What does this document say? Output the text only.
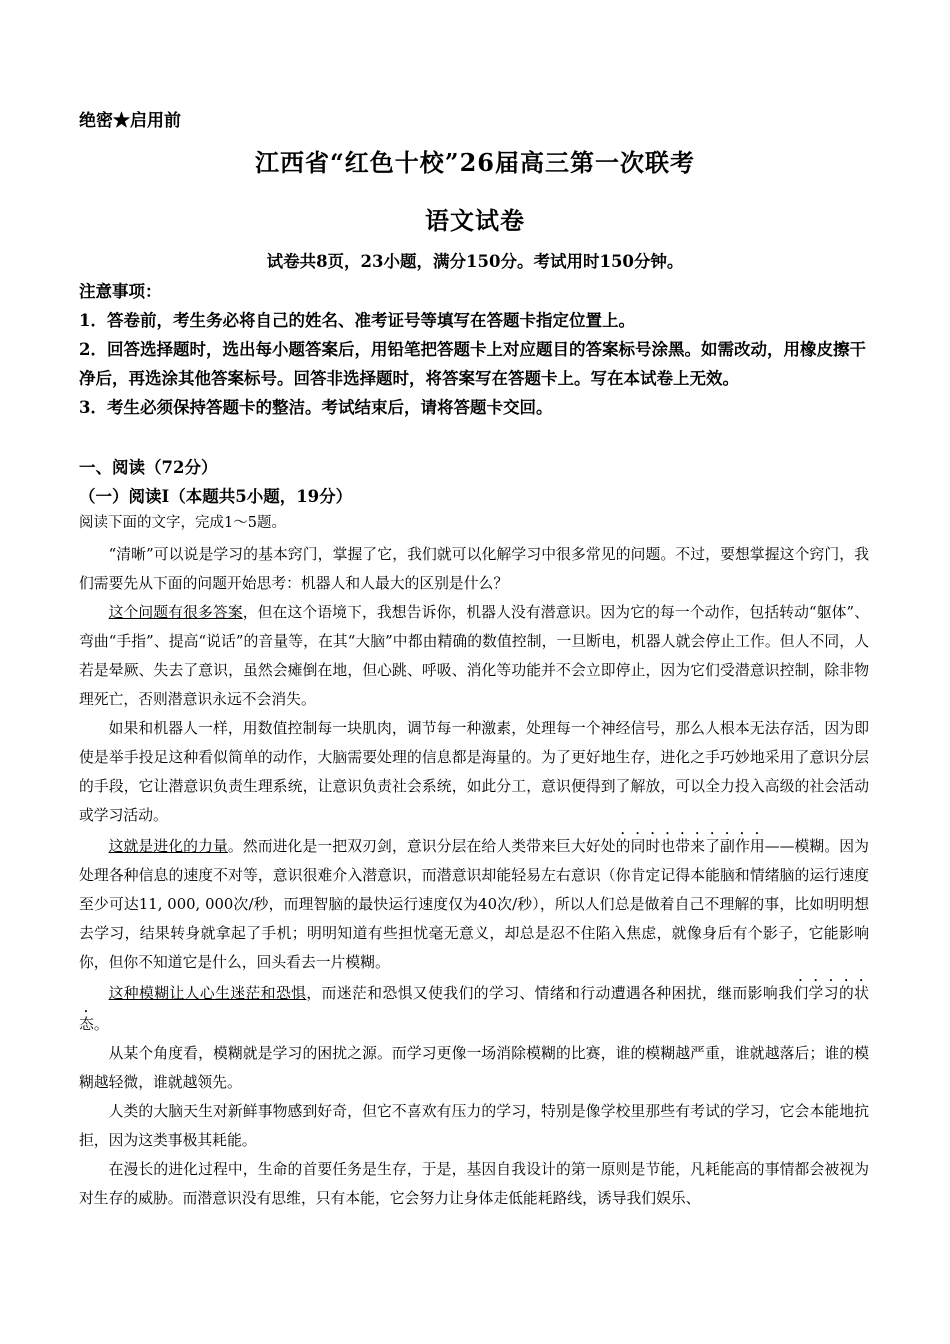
绝密★启用前
江西省“红色十校”26届高三第一次联考
语文试卷
试卷共8页，23小题，满分150分。考试用时150分钟。

注意事项：

1．答卷前，考生务必将自己的姓名、准考证号等填写在答题卡指定位置上。

2．回答选择题时，选出每小题答案后，用铅笔把答题卡上对应题目的答案标号涂黑。如需改动，用橡皮擦干净后，再选涂其他答案标号。回答非选择题时，将答案写在答题卡上。写在本试卷上无效。

3．考生必须保持答题卡的整洁。考试结束后，请将答题卡交回。

一、阅读（72分）
（一）阅读Ⅰ（本题共5小题，19分）
阅读下面的文字，完成1～5题。

“清晰”可以说是学习的基本窍门，掌握了它，我们就可以化解学习中很多常见的问题。不过，要想掌握这个窍门，我们需要先从下面的问题开始思考：机器人和人最大的区别是什么？

这个问题有很多答案，但在这个语境下，我想告诉你，机器人没有潜意识。因为它的每一个动作，包括转动“躯体”、弯曲“手指”、提高“说话”的音量等，在其“大脑”中都由精确的数值控制，一旦断电，机器人就会停止工作。但人不同，人若是晕厥、失去了意识，虽然会瘫倒在地，但心跳、呼吸、消化等功能并不会立即停止，因为它们受潜意识控制，除非物理死亡，否则潜意识永远不会消失。

如果和机器人一样，用数值控制每一块肌肉，调节每一种激素，处理每一个神经信号，那么人根本无法存活，因为即使是举手投足这种看似简单的动作，大脑需要处理的信息都是海量的。为了更好地生存，进化之手巧妙地采用了意识分层的手段，它让潜意识负责生理系统，让意识负责社会系统，如此分工，意识便得到了解放，可以全力投入高级的社会活动或学习活动。

这就是进化的力量。然而进化是一把双刃剑，意识分层在给人类带来巨大好处的同时也带来了副作用——模糊。因为处理各种信息的速度不对等，意识很难介入潜意识，而潜意识却能轻易左右意识（你肯定记得本能脑和情绪脑的运行速度至少可达11, 000, 000次/秒，而理智脑的最快运行速度仅为40次/秒），所以人们总是做着自己不理解的事，比如明明想去学习，结果转身就拿起了手机；明明知道有些担忧毫无意义，却总是忍不住陷入焦虑，就像身后有个影子，它能影响你，但你不知道它是什么，回头看去一片模糊。

这种模糊让人心生迷茫和恐惧，而迷茫和恐惧又使我们的学习、情绪和行动遭遇各种困扰，继而影响我们学习的状态。

从某个角度看，模糊就是学习的困扰之源。而学习更像一场消除模糊的比赛，谁的模糊越严重，谁就越落后；谁的模糊越轻微，谁就越领先。

人类的大脑天生对新鲜事物感到好奇，但它不喜欢有压力的学习，特别是像学校里那些有考试的学习，它会本能地抗拒，因为这类事极其耗能。

在漫长的进化过程中，生命的首要任务是生存，于是，基因自我设计的第一原则是节能，凡耗能高的事情都会被视为对生存的威胁。而潜意识没有思维，只有本能，它会努力让身体走低能耗路线，诱导我们娱乐、
